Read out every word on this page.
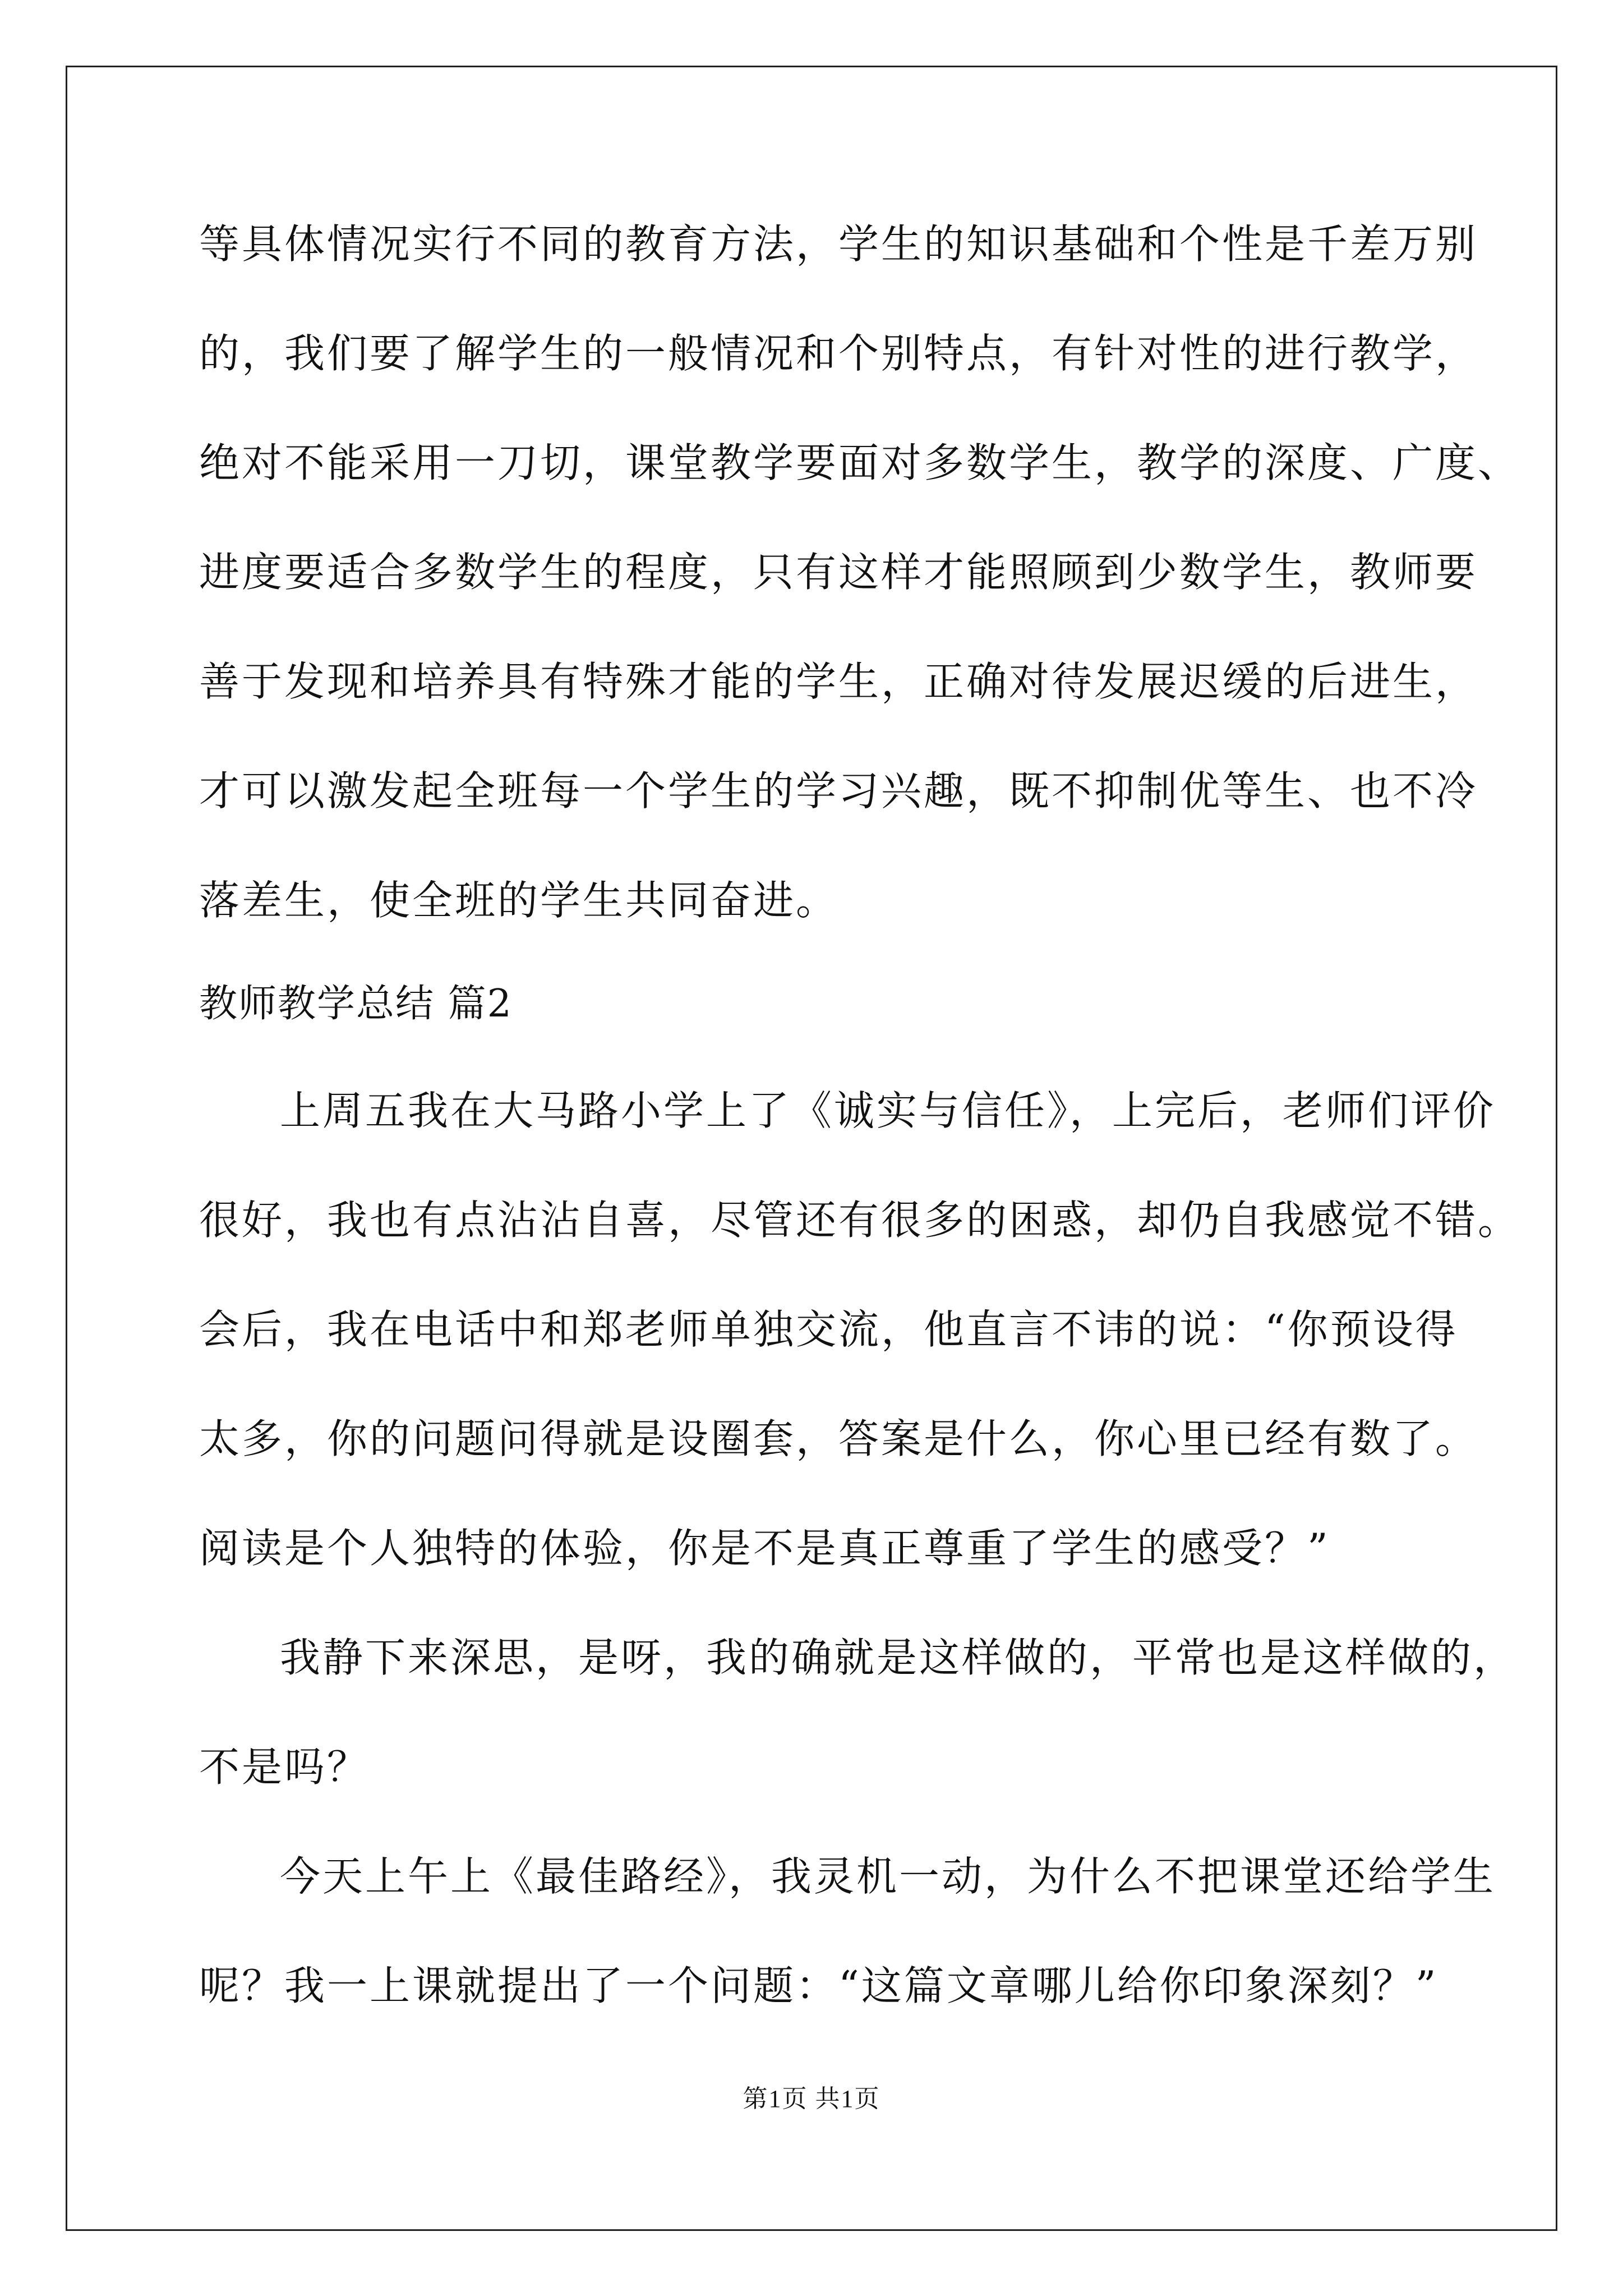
等具体情况实行不同的教育方法，学生的知识基础和个性是千差万别
的，我们要了解学生的一般情况和个别特点，有针对性的进行教学，
绝对不能采用一刀切，课堂教学要面对多数学生，教学的深度、广度、
进度要适合多数学生的程度，只有这样才能照顾到少数学生，教师要
善于发现和培养具有特殊才能的学生，正确对待发展迟缓的后进生，
才可以激发起全班每一个学生的学习兴趣，既不抑制优等生、也不冷
落差生，使全班的学生共同奋进。
教师教学总结 篇2
上周五我在大马路小学上了《诚实与信任》，上完后，老师们评价
很好，我也有点沾沾自喜，尽管还有很多的困惑，却仍自我感觉不错。
会后，我在电话中和郑老师单独交流，他直言不讳的说：“你预设得
太多，你的问题问得就是设圈套，答案是什么，你心里已经有数了。
阅读是个人独特的体验，你是不是真正尊重了学生的感受？”
我静下来深思，是呀，我的确就是这样做的，平常也是这样做的，
不是吗？
今天上午上《最佳路经》，我灵机一动，为什么不把课堂还给学生
呢？我一上课就提出了一个问题：“这篇文章哪儿给你印象深刻？”
第1页 共1页
